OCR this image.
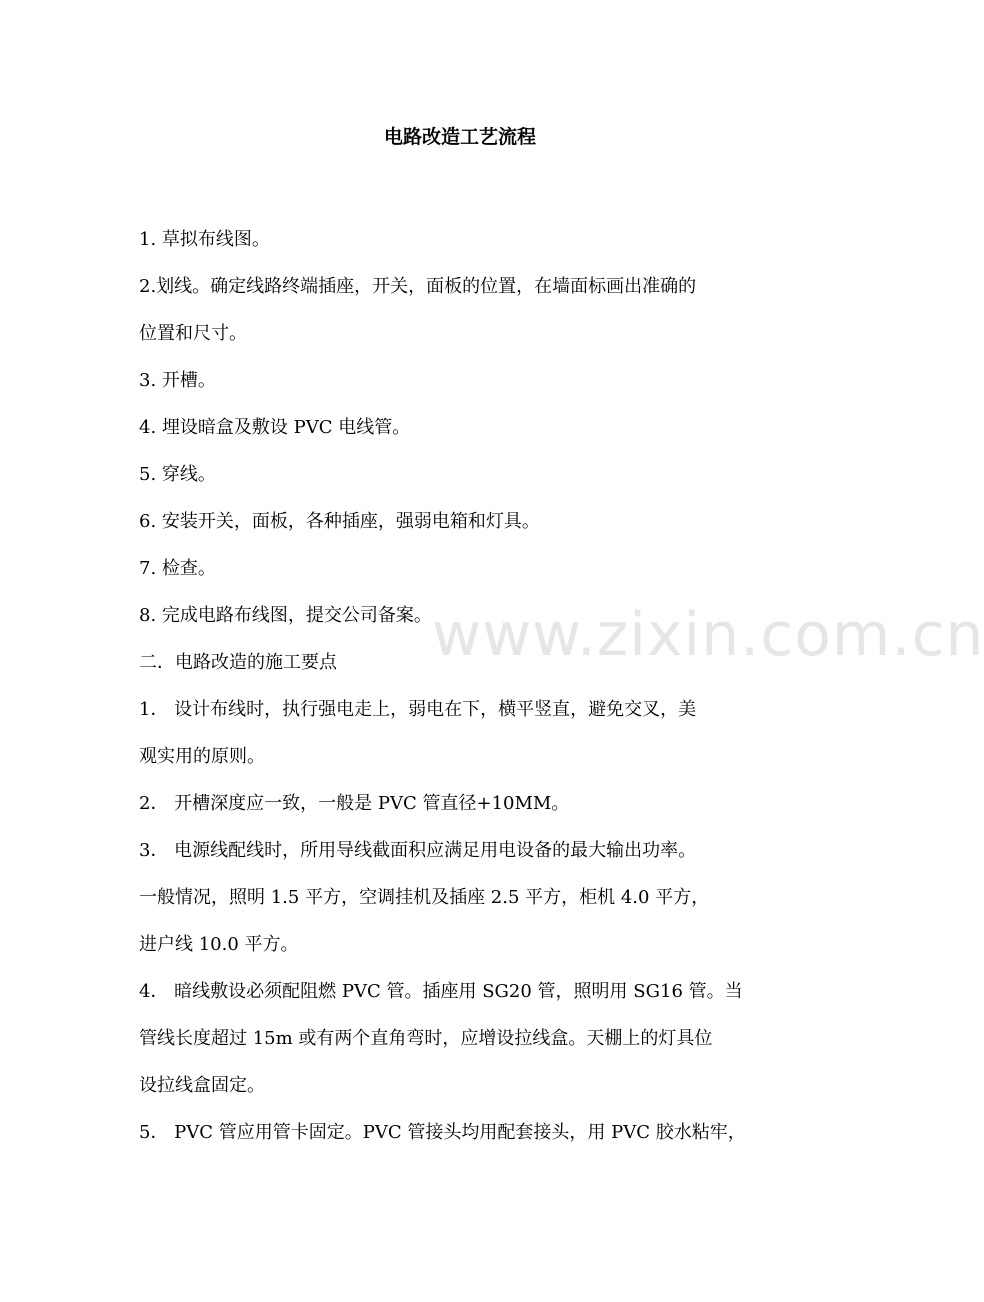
www.zixin.com.cn
电路改造工艺流程

1. 草拟布线图。

2.划线。确定线路终端插座，开关，面板的位置，在墙面标画出准确的

位置和尺寸。

3. 开槽。

4. 埋设暗盒及敷设 PVC 电线管。

5. 穿线。

6. 安装开关，面板，各种插座，强弱电箱和灯具。

7. 检查。

8. 完成电路布线图，提交公司备案。

二．电路改造的施工要点

1． 设计布线时，执行强电走上，弱电在下，横平竖直，避免交叉，美

观实用的原则。

2． 开槽深度应一致，一般是 PVC 管直径+10MM。

3． 电源线配线时，所用导线截面积应满足用电设备的最大输出功率。

一般情况，照明 1.5 平方，空调挂机及插座 2.5 平方，柜机 4.0 平方，

进户线 10.0 平方。

4． 暗线敷设必须配阻燃 PVC 管。插座用 SG20 管，照明用 SG16 管。当

管线长度超过 15m 或有两个直角弯时，应增设拉线盒。天棚上的灯具位

设拉线盒固定。

5． PVC 管应用管卡固定。PVC 管接头均用配套接头，用 PVC 胶水粘牢，
